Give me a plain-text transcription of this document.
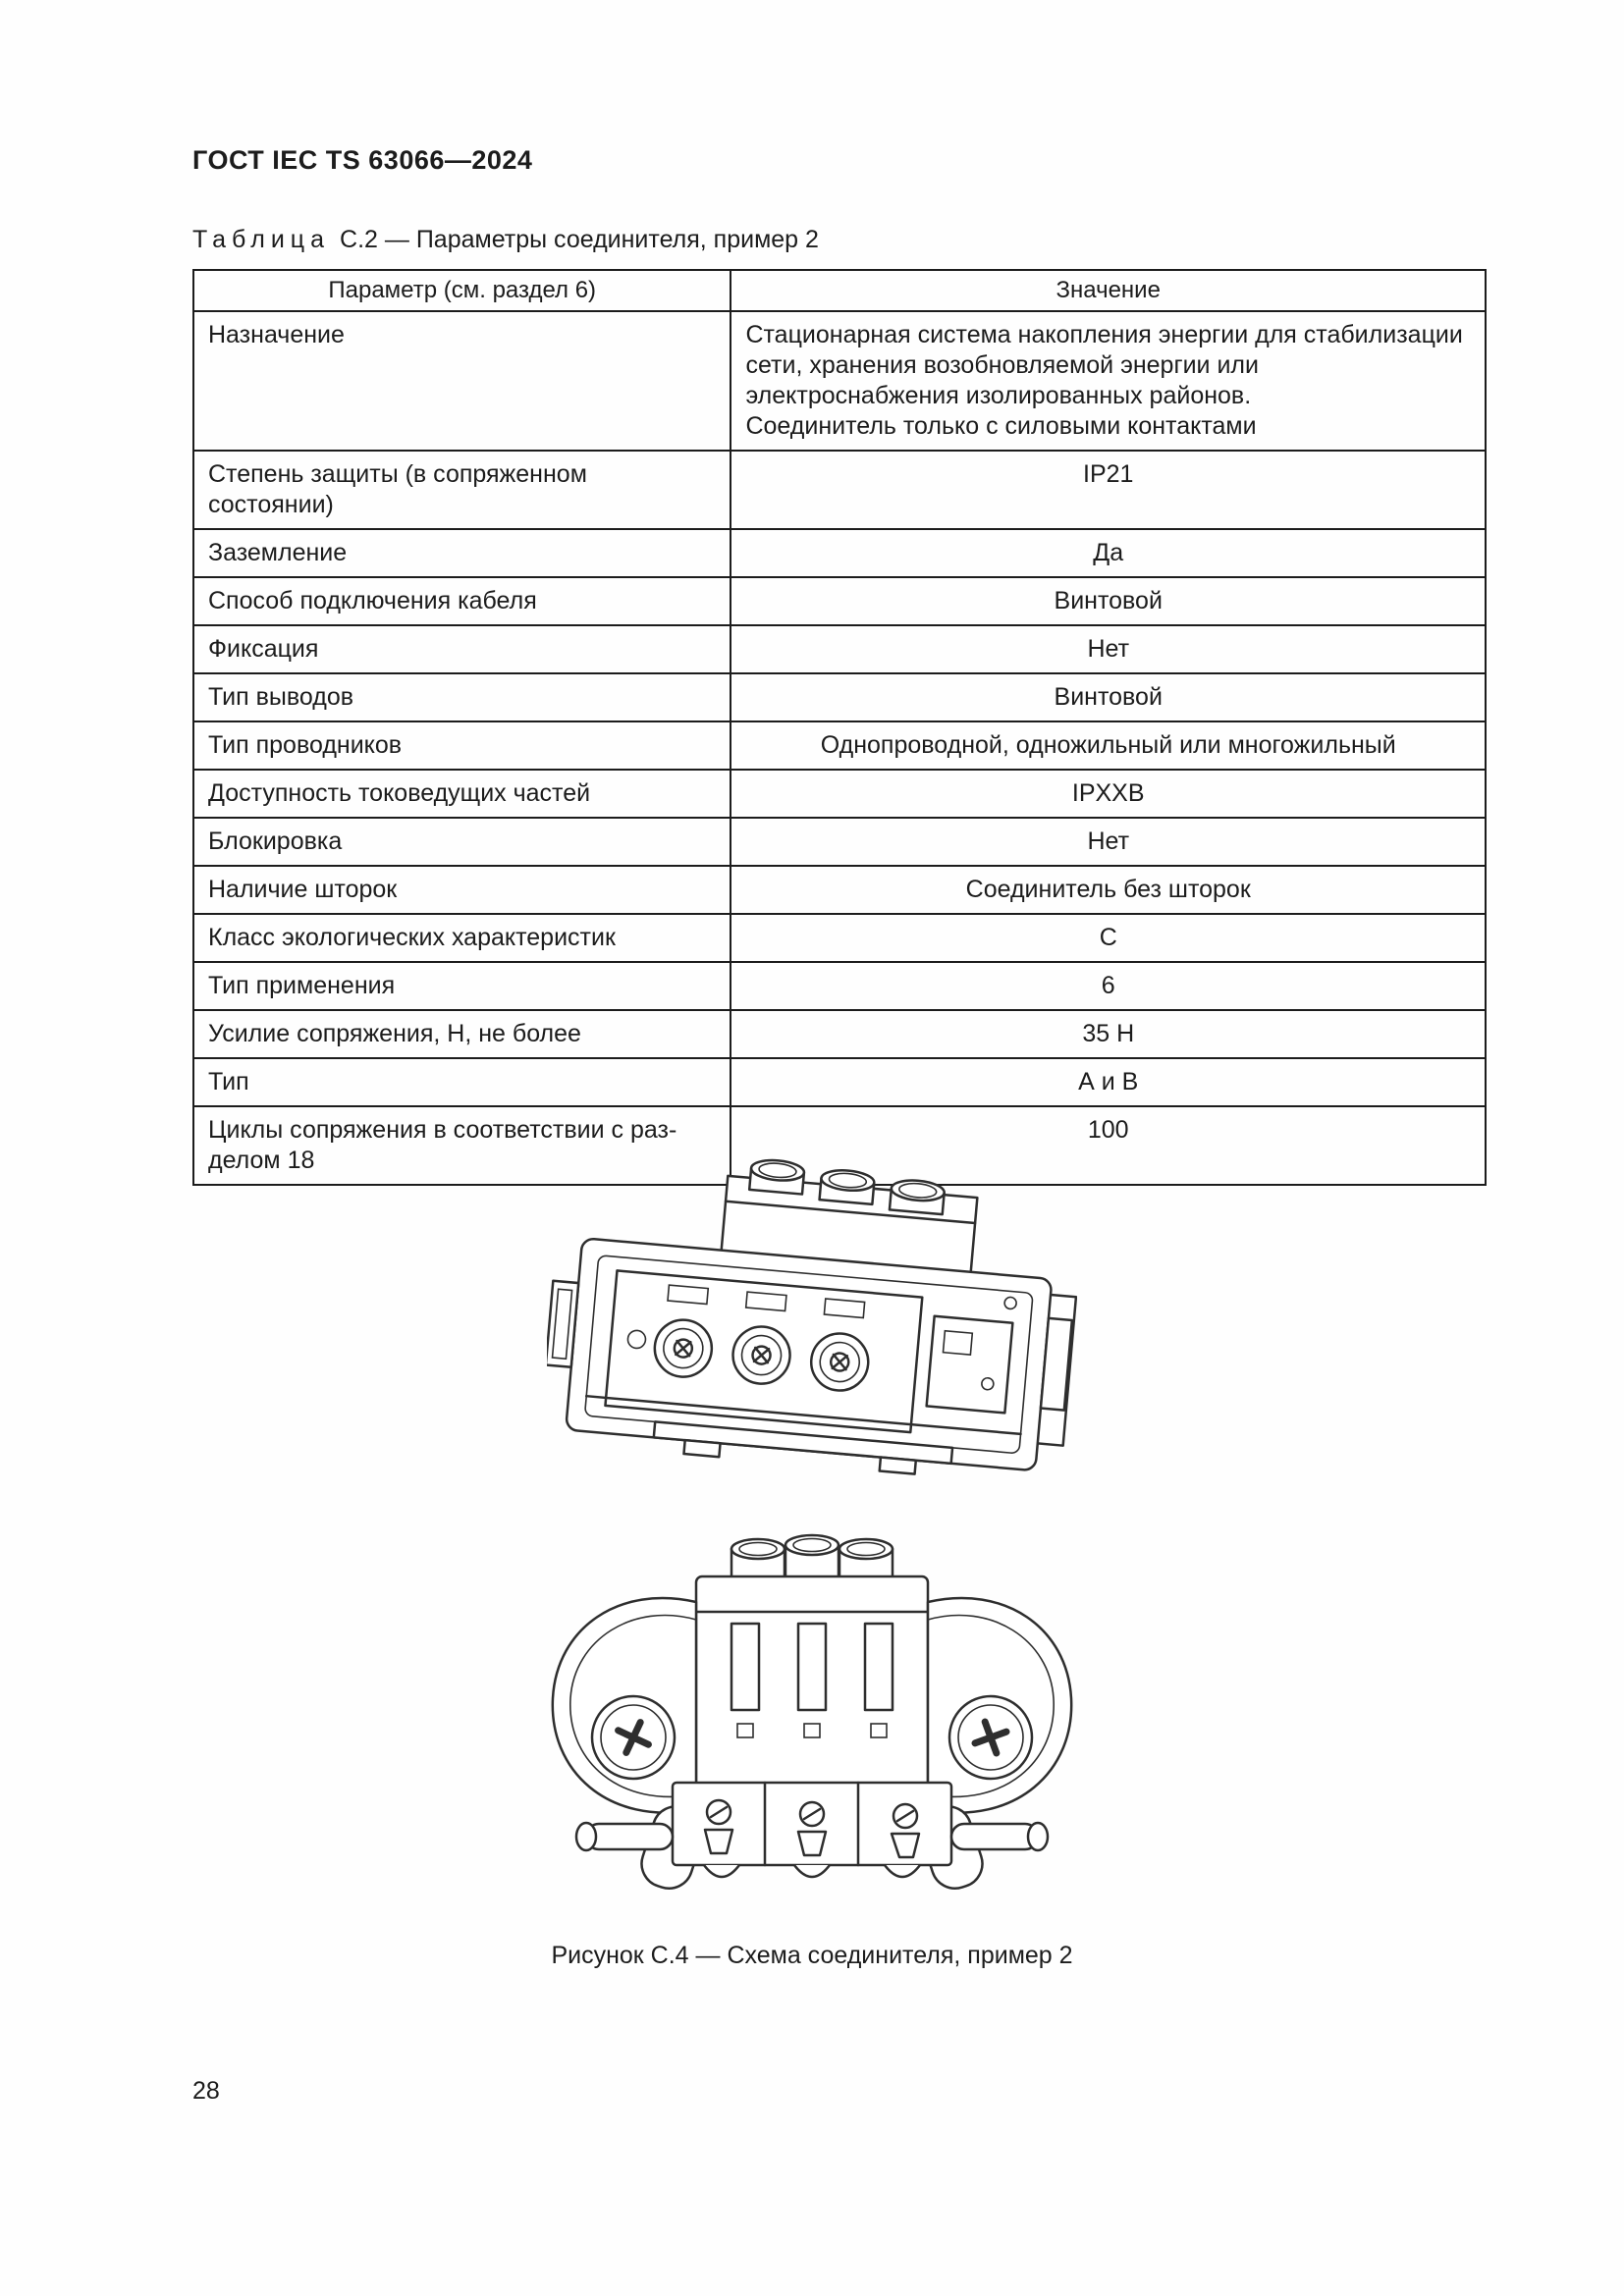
ГОСТ IEC TS 63066—2024
Таблица С.2 — Параметры соединителя, пример 2
Параметр (см. раздел 6)	Значение
Назначение	Стационарная система накопления энергии для стабилизации сети, хранения возобновляемой энергии или электроснабжения изолированных районов.
Соединитель только с силовыми контактами
Степень защиты (в сопряженном состоянии)	IP21
Заземление	Да
Способ подключения кабеля	Винтовой
Фиксация	Нет
Тип выводов	Винтовой
Тип проводников	Однопроводной, одножильный или многожильный
Доступность токоведущих частей	IPXXB
Блокировка	Нет
Наличие шторок	Соединитель без шторок
Класс экологических характеристик	С
Тип применения	6
Усилие сопряжения, Н, не более	35 Н
Тип	А и В
Циклы сопряжения в соответствии с разделом 18	100
Рисунок С.4 — Схема соединителя, пример 2
28
